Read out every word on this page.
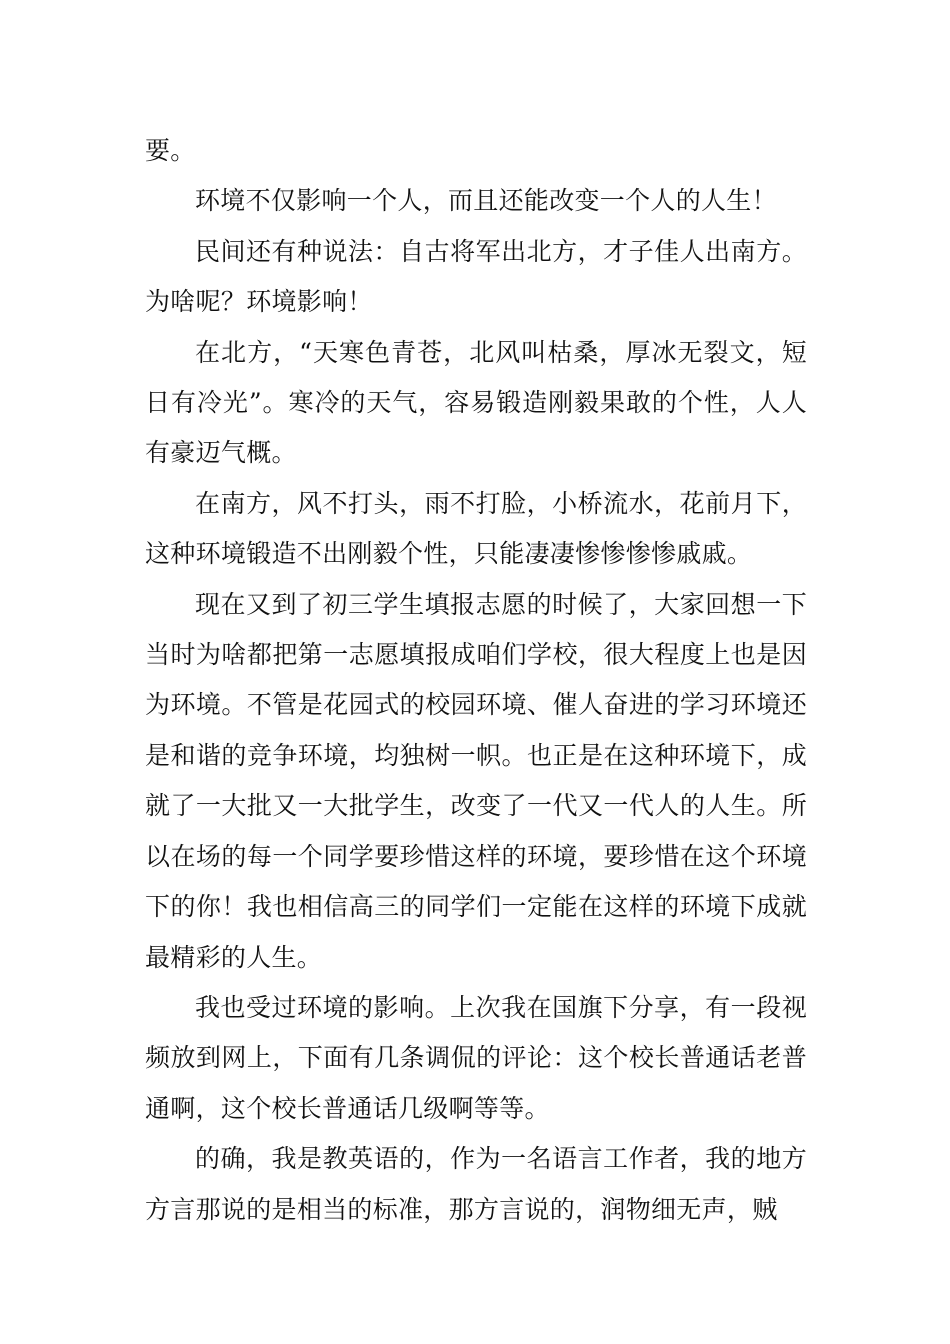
要。

环境不仅影响一个人，而且还能改变一个人的人生！

民间还有种说法：自古将军出北方，才子佳人出南方。为啥呢？环境影响！

在北方，“天寒色青苍，北风叫枯桑，厚冰无裂文，短日有冷光”。寒冷的天气，容易锻造刚毅果敢的个性，人人有豪迈气概。

在南方，风不打头，雨不打脸，小桥流水，花前月下，这种环境锻造不出刚毅个性，只能凄凄惨惨惨惨戚戚。

现在又到了初三学生填报志愿的时候了，大家回想一下当时为啥都把第一志愿填报成咱们学校，很大程度上也是因为环境。不管是花园式的校园环境、催人奋进的学习环境还是和谐的竞争环境，均独树一帜。也正是在这种环境下，成就了一大批又一大批学生，改变了一代又一代人的人生。所以在场的每一个同学要珍惜这样的环境，要珍惜在这个环境下的你！我也相信高三的同学们一定能在这样的环境下成就最精彩的人生。

我也受过环境的影响。上次我在国旗下分享，有一段视频放到网上，下面有几条调侃的评论：这个校长普通话老普通啊，这个校长普通话几级啊等等。

的确，我是教英语的，作为一名语言工作者，我的地方方言那说的是相当的标准，那方言说的，润物细无声，贼
